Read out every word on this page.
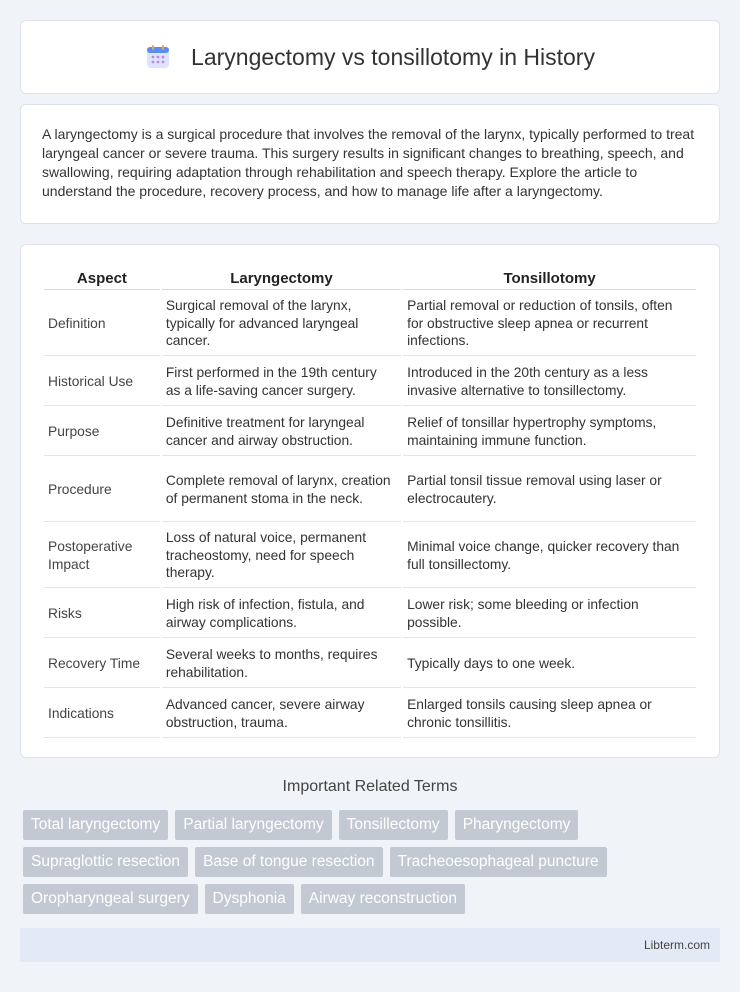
Laryngectomy vs tonsillotomy in History

A laryngectomy is a surgical procedure that involves the removal of the larynx, typically performed to treat laryngeal cancer or severe trauma. This surgery results in significant changes to breathing, speech, and swallowing, requiring adaptation through rehabilitation and speech therapy. Explore the article to understand the procedure, recovery process, and how to manage life after a laryngectomy.

Aspect	Laryngectomy	Tonsillotomy
Definition	Surgical removal of the larynx, typically for advanced laryngeal cancer.	Partial removal or reduction of tonsils, often for obstructive sleep apnea or recurrent infections.
Historical Use	First performed in the 19th century as a life-saving cancer surgery.	Introduced in the 20th century as a less invasive alternative to tonsillectomy.
Purpose	Definitive treatment for laryngeal cancer and airway obstruction.	Relief of tonsillar hypertrophy symptoms, maintaining immune function.
Procedure	Complete removal of larynx, creation of permanent stoma in the neck.	Partial tonsil tissue removal using laser or electrocautery.
Postoperative Impact	Loss of natural voice, permanent tracheostomy, need for speech therapy.	Minimal voice change, quicker recovery than full tonsillectomy.
Risks	High risk of infection, fistula, and airway complications.	Lower risk; some bleeding or infection possible.
Recovery Time	Several weeks to months, requires rehabilitation.	Typically days to one week.
Indications	Advanced cancer, severe airway obstruction, trauma.	Enlarged tonsils causing sleep apnea or chronic tonsillitis.
Important Related Terms
Total laryngectomy	Partial laryngectomy	Tonsillectomy	Pharyngectomy
Supraglottic resection	Base of tongue resection	Tracheoesophageal puncture
Oropharyngeal surgery	Dysphonia	Airway reconstruction
Libterm.com
